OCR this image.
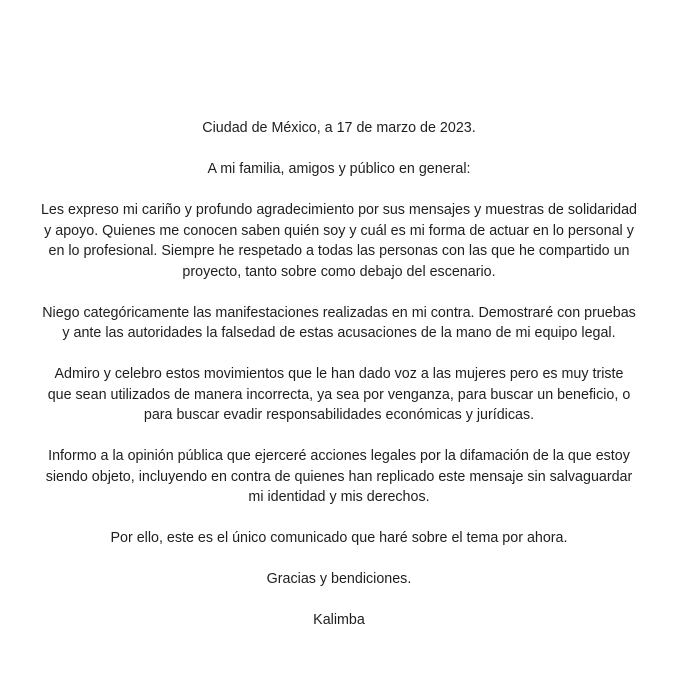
Ciudad de México, a 17 de marzo de 2023.

A mi familia, amigos y público en general:

Les expreso mi cariño y profundo agradecimiento por sus mensajes y muestras de solidaridad
y apoyo. Quienes me conocen saben quién soy y cuál es mi forma de actuar en lo personal y
en lo profesional. Siempre he respetado a todas las personas con las que he compartido un
proyecto, tanto sobre como debajo del escenario.

Niego categóricamente las manifestaciones realizadas en mi contra. Demostraré con pruebas
y ante las autoridades la falsedad de estas acusaciones de la mano de mi equipo legal.

Admiro y celebro estos movimientos que le han dado voz a las mujeres pero es muy triste
que sean utilizados de manera incorrecta, ya sea por venganza, para buscar un beneficio, o
para buscar evadir responsabilidades económicas y jurídicas.

Informo a la opinión pública que ejerceré acciones legales por la difamación de la que estoy
siendo objeto, incluyendo en contra de quienes han replicado este mensaje sin salvaguardar
mi identidad y mis derechos.

Por ello, este es el único comunicado que haré sobre el tema por ahora.

Gracias y bendiciones.

Kalimba
